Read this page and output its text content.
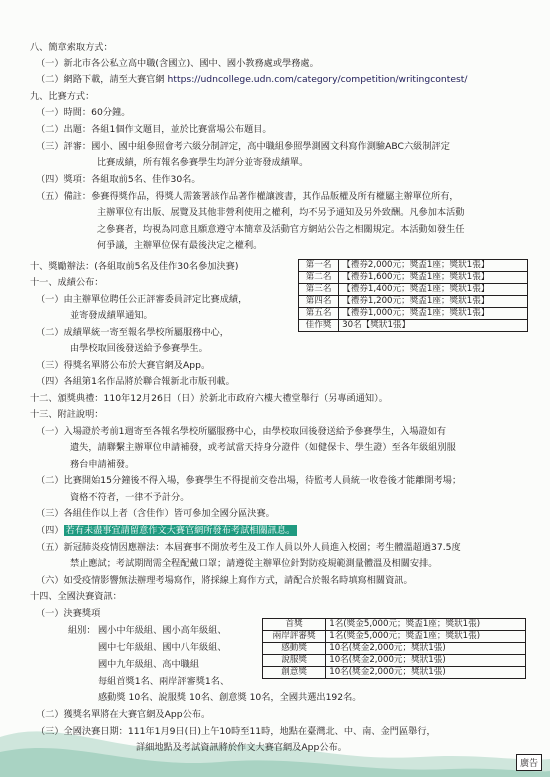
八、簡章索取方式：
（一）新北市各公私立高中職(含國立)、國中、國小教務處或學務處。
（二）網路下載，請至大賽官網 https://udncollege.udn.com/category/competition/writingcontest/
九、比賽方式：
（一）時間：60分鐘。
（二）出題：各組1個作文題目，並於比賽當場公布題目。
（三）評審：國小、國中組參照會考六級分制評定，高中職組參照學測國文科寫作測驗ABC六級制評定
比賽成績，所有報名參賽學生均評分並寄發成績單。
（四）獎項：各組取前5名、佳作30名。
（五）備註：參賽得獎作品，得獎人需簽署該作品著作權讓渡書，其作品版權及所有權屬主辦單位所有，
主辦單位有出版、展覽及其他非營利使用之權利，均不另予通知及另外致酬。凡參加本活動
之參賽者，均視為同意且願意遵守本簡章及活動官方網站公告之相關規定。本活動如發生任
何爭議，主辦單位保有最後決定之權利。
十、獎勵辦法：(各組取前5名及佳作30名參加決賽)	第一名	【禮券2,000元；獎盃1座；獎狀1張】
第二名	【禮券1,600元；獎盃1座；獎狀1張】
第三名	【禮券1,400元；獎盃1座；獎狀1張】
第四名	【禮券1,200元；獎盃1座；獎狀1張】
第五名	【禮券1,000元；獎盃1座；獎狀1張】
佳作獎	30名【獎狀1張】
十一、成績公布：
（一）由主辦單位聘任公正評審委員評定比賽成績，
並寄發成績單通知。
（二）成績單統一寄至報名學校所屬服務中心，
由學校取回後發送給予參賽學生。
（三）得獎名單將公布於大賽官網及App。
（四）各組第1名作品將於聯合報新北市版刊載。
十二、頒獎典禮：110年12月26日（日）於新北市政府六樓大禮堂舉行（另專函通知）。
十三、附註說明：
（一）入場證於考前1週寄至各報名學校所屬服務中心，由學校取回後發送給予參賽學生，入場證如有
遺失，請聯繫主辦單位申請補發，或考試當天持身分證件（如健保卡、學生證）至各年級組別服
務台申請補發。
（二）比賽開始15分鐘後不得入場，參賽學生不得提前交卷出場，待監考人員統一收卷後才能離開考場；
資格不符者，一律不予計分。
（三）各組佳作以上者（含佳作）皆可參加全國分區決賽。
（四） 若有未盡事宜請留意作文大賽官網所發布考試相關訊息。
（五）新冠肺炎疫情因應辦法：本屆賽事不開放考生及工作人員以外人員進入校園；考生體溫超過37.5度
禁止應試；考試期間需全程配戴口罩；請遵從主辦單位針對防疫規範測量體溫及相關安排。
（六）如受疫情影響無法辦理考場寫作，將採線上寫作方式，請配合於報名時填寫相關資訊。
十四、全國決賽資訊：
（一）決賽獎項
組別： 國小中年級組、國小高年級組、
國中七年級組、國中八年級組、
國中九年級組、高中職組
每組首獎1名、兩岸評審獎1名、
感動獎 10名、說服獎 10名、創意獎 10名，全國共選出192名。
首獎	1名(獎金5,000元；獎盃1座；獎狀1張)
兩岸評審獎	1名(獎金5,000元；獎盃1座；獎狀1張)
感動獎	10名(獎金2,000元；獎狀1張)
說服獎	10名(獎金2,000元；獎狀1張)
創意獎	10名(獎金2,000元；獎狀1張)
（二）獲獎名單將在大賽官網及App公布。
（三）全國決賽日期：111年1月9日(日)上午10時至11時，地點在臺灣北、中、南、金門區舉行，
詳細地點及考試資訊將於作文大賽官網及App公布。
廣告
